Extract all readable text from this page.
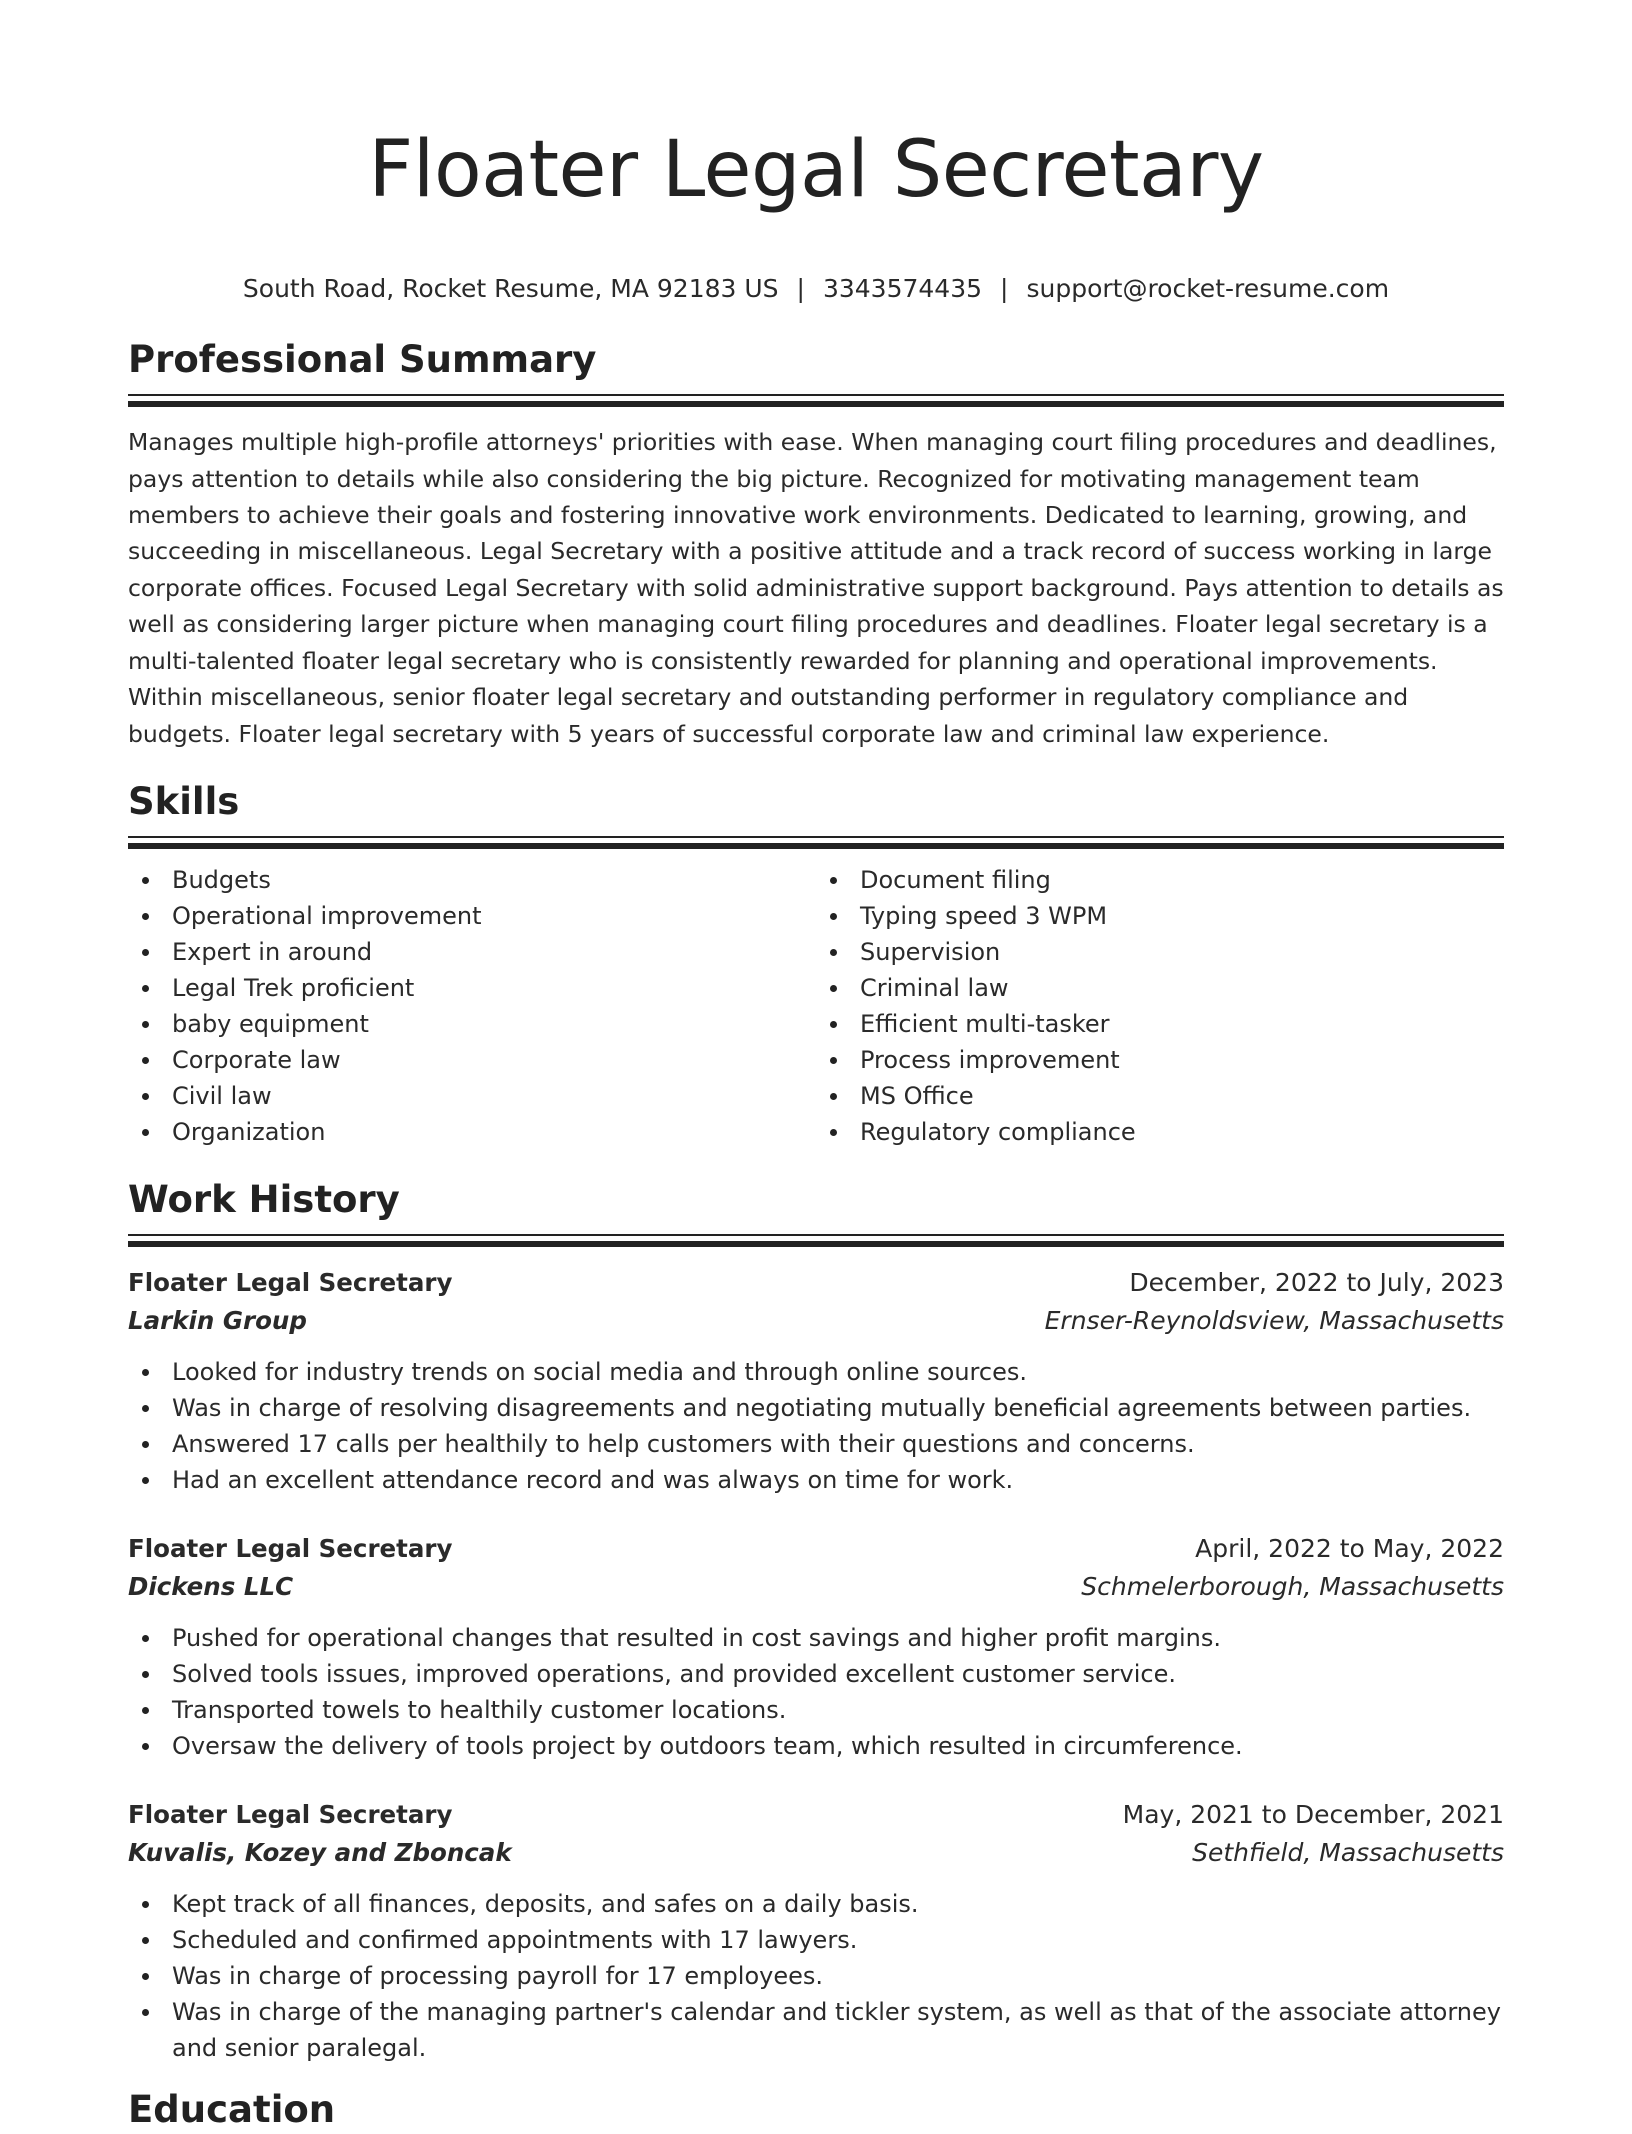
Floater Legal Secretary
South Road, Rocket Resume, MA 92183 US | 3343574435 | support@rocket-resume.com
Professional Summary

Manages multiple high-profile attorneys' priorities with ease. When managing court filing procedures and deadlines, pays attention to details while also considering the big picture. Recognized for motivating management team members to achieve their goals and fostering innovative work environments. Dedicated to learning, growing, and succeeding in miscellaneous. Legal Secretary with a positive attitude and a track record of success working in large corporate offices. Focused Legal Secretary with solid administrative support background. Pays attention to details as well as considering larger picture when managing court filing procedures and deadlines. Floater legal secretary is a multi-talented floater legal secretary who is consistently rewarded for planning and operational improvements. Within miscellaneous, senior floater legal secretary and outstanding performer in regulatory compliance and budgets. Floater legal secretary with 5 years of successful corporate law and criminal law experience.

Skills
Budgets
Operational improvement
Expert in around
Legal Trek proficient
baby equipment
Corporate law
Civil law
Organization
Document filing
Typing speed 3 WPM
Supervision
Criminal law
Efficient multi-tasker
Process improvement
MS Office
Regulatory compliance
Work History
Floater Legal Secretary	December, 2022 to July, 2023
Larkin Group	Ernser-Reynoldsview, Massachusetts
Looked for industry trends on social media and through online sources.
Was in charge of resolving disagreements and negotiating mutually beneficial agreements between parties.
Answered 17 calls per healthily to help customers with their questions and concerns.
Had an excellent attendance record and was always on time for work.
Floater Legal Secretary	April, 2022 to May, 2022
Dickens LLC	Schmelerborough, Massachusetts
Pushed for operational changes that resulted in cost savings and higher profit margins.
Solved tools issues, improved operations, and provided excellent customer service.
Transported towels to healthily customer locations.
Oversaw the delivery of tools project by outdoors team, which resulted in circumference.
Floater Legal Secretary	May, 2021 to December, 2021
Kuvalis, Kozey and Zboncak	Sethfield, Massachusetts
Kept track of all finances, deposits, and safes on a daily basis.
Scheduled and confirmed appointments with 17 lawyers.
Was in charge of processing payroll for 17 employees.
Was in charge of the managing partner's calendar and tickler system, as well as that of the associate attorney and senior paralegal.
Education
